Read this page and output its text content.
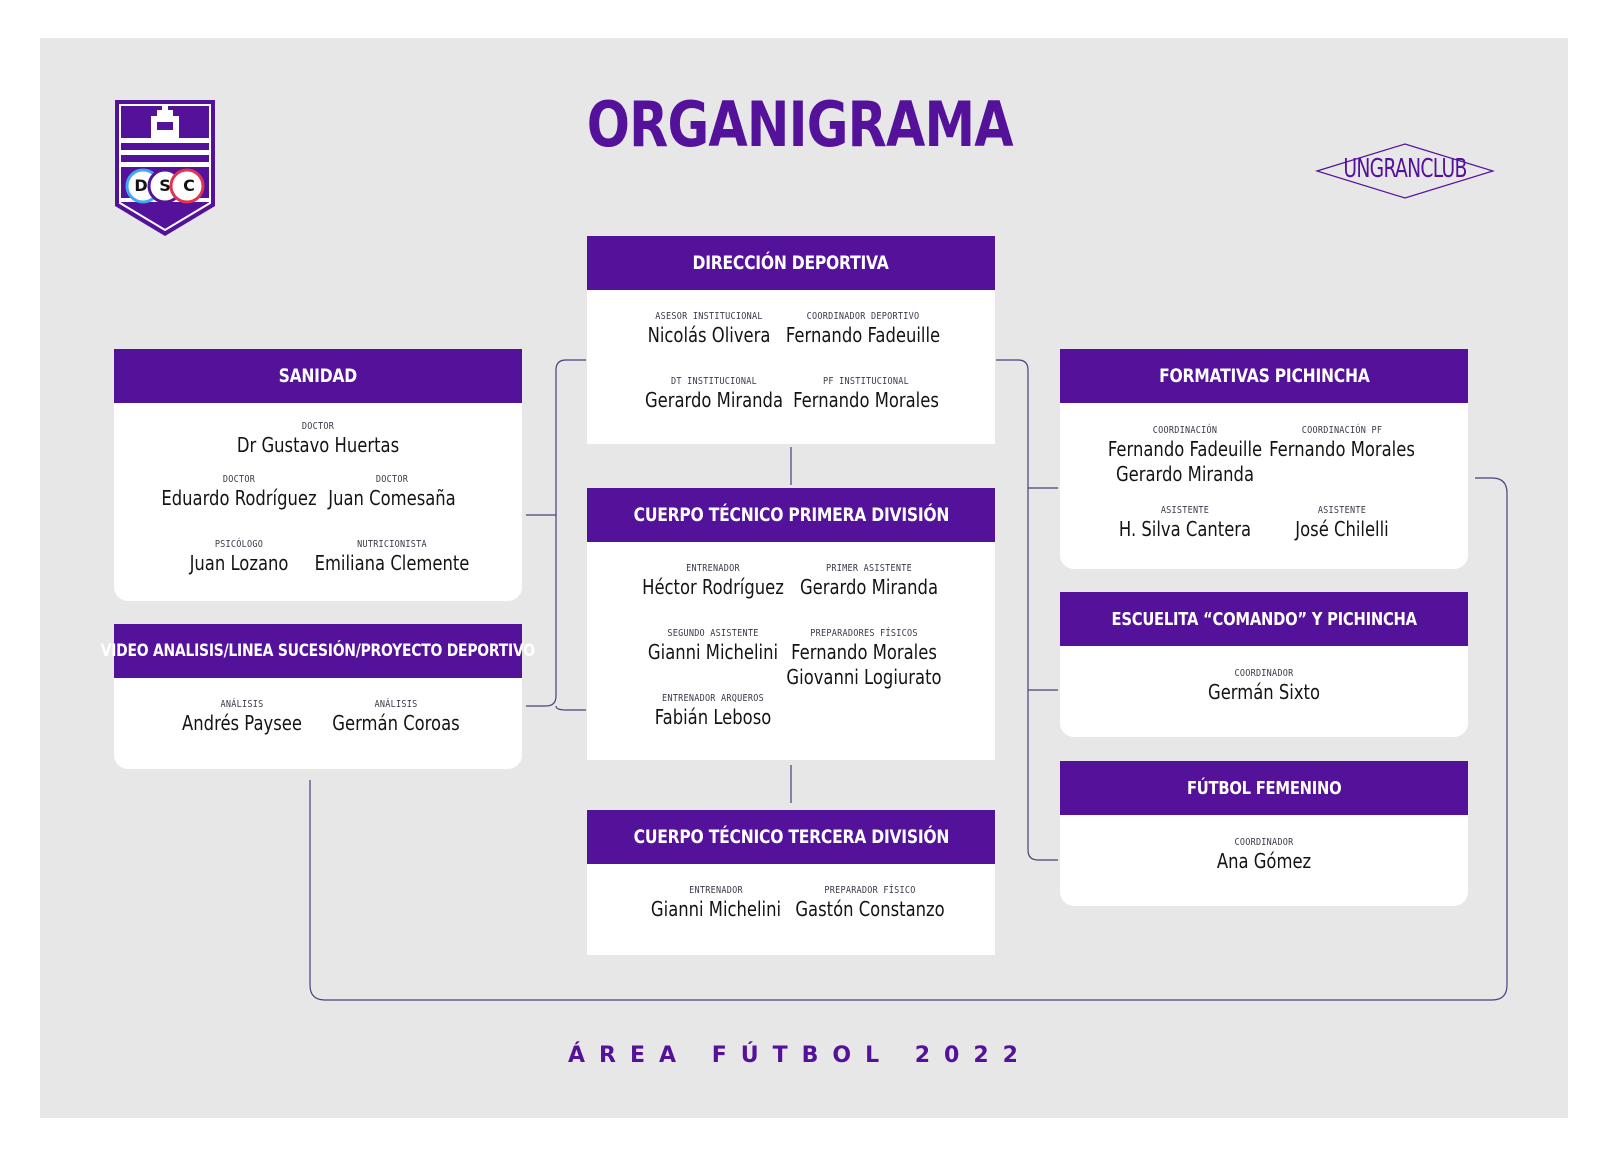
D S C
UNGRANCLUB
ORGANIGRAMA
SANIDAD
DOCTOR
Dr Gustavo Huertas
DOCTOR
Eduardo Rodríguez
DOCTOR
Juan Comesaña
PSICÓLOGO
Juan Lozano
NUTRICIONISTA
Emiliana Clemente
VIDEO ANALISIS/LINEA SUCESIÓN/PROYECTO DEPORTIVO
ANÁLISIS
Andrés Paysee
ANÁLISIS
Germán Coroas
DIRECCIÓN DEPORTIVA
ASESOR INSTITUCIONAL
Nicolás Olivera
COORDINADOR DEPORTIVO
Fernando Fadeuille
DT INSTITUCIONAL
Gerardo Miranda
PF INSTITUCIONAL
Fernando Morales
CUERPO TÉCNICO PRIMERA DIVISIÓN
ENTRENADOR
Héctor Rodríguez
PRIMER ASISTENTE
Gerardo Miranda
SEGUNDO ASISTENTE
Gianni Michelini
PREPARADORES FÍSICOS
Fernando Morales
Giovanni Logiurato
ENTRENADOR ARQUEROS
Fabián Leboso
CUERPO TÉCNICO TERCERA DIVISIÓN
ENTRENADOR
Gianni Michelini
PREPARADOR FÍSICO
Gastón Constanzo
FORMATIVAS PICHINCHA
COORDINACIÓN
Fernando Fadeuille
Gerardo Miranda
COORDINACIÓN PF
Fernando Morales
ASISTENTE
H. Silva Cantera
ASISTENTE
José Chilelli
ESCUELITA “COMANDO” Y PICHINCHA
COORDINADOR
Germán Sixto
FÚTBOL FEMENINO
COORDINADOR
Ana Gómez
ÁREA FÚTBOL 2022
